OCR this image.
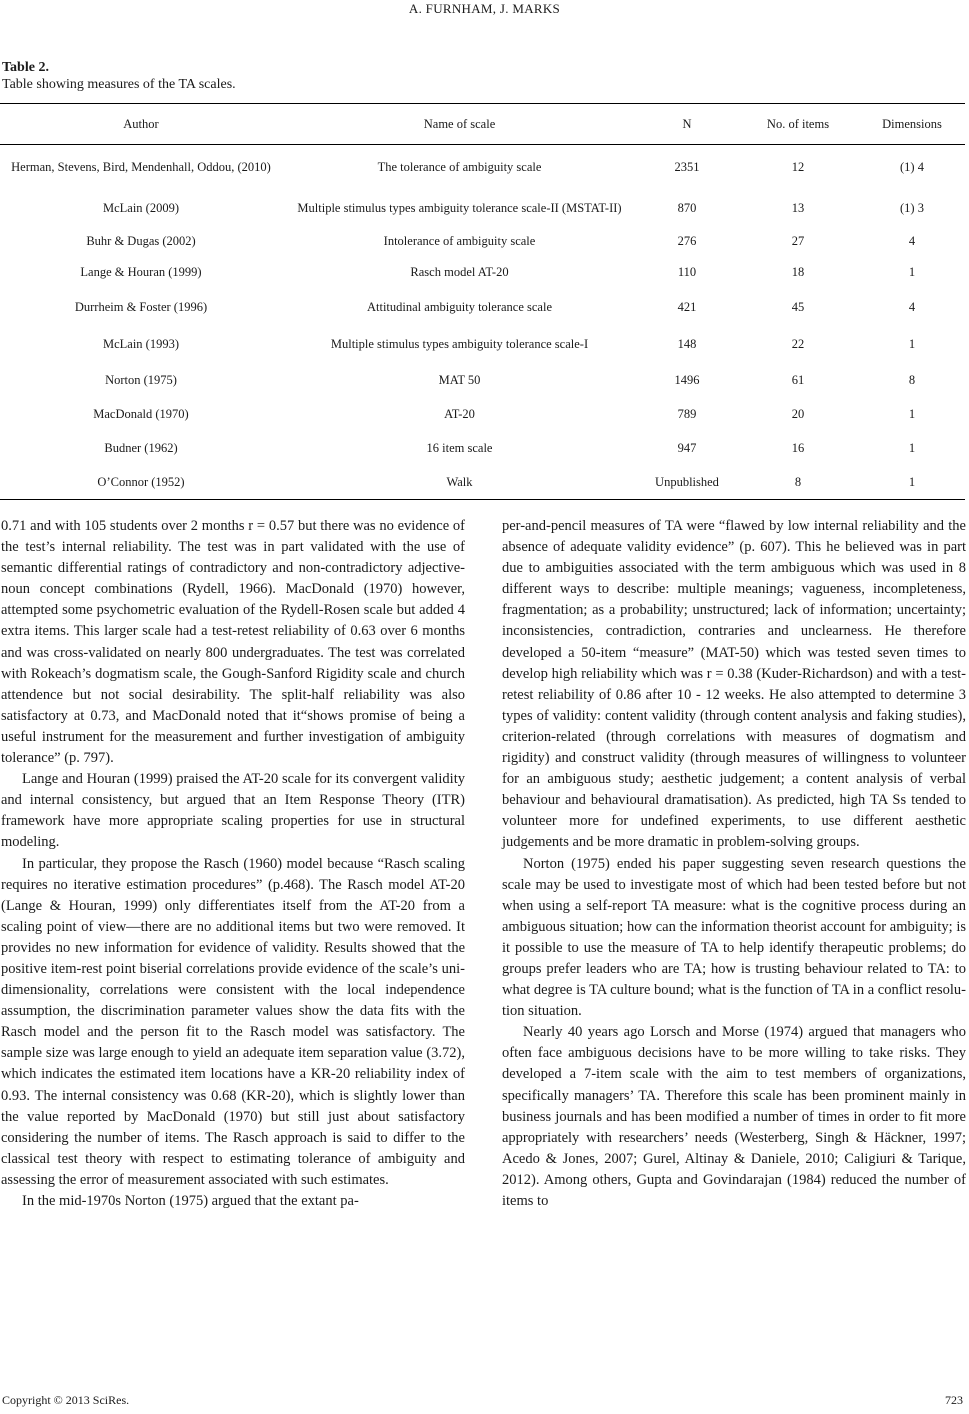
A. FURNHAM, J. MARKS
Table 2.
Table showing measures of the TA scales.
Author	Name of scale	N	No. of items	Dimensions
Herman, Stevens, Bird, Mendenhall, Oddou, (2010)	The tolerance of ambiguity scale	2351	12	(1) 4
McLain (2009)	Multiple stimulus types ambiguity tolerance scale-II (MSTAT-II)	870	13	(1) 3
Buhr & Dugas (2002)	Intolerance of ambiguity scale	276	27	4
Lange & Houran (1999)	Rasch model AT-20	110	18	1
Durrheim & Foster (1996)	Attitudinal ambiguity tolerance scale	421	45	4
McLain (1993)	Multiple stimulus types ambiguity tolerance scale-I	148	22	1
Norton (1975)	MAT 50	1496	61	8
MacDonald (1970)	AT-20	789	20	1
Budner (1962)	16 item scale	947	16	1
O’Connor (1952)	Walk	Unpublished	8	1

0.71 and with 105 students over 2 months r = 0.57 but there was no evidence of the test’s internal reliability. The test was in part validated with the use of semantic differential ratings of contradictory and non-contradictory adjective-noun concept combinations (Rydell, 1966). MacDonald (1970) however, attempted some psychometric evaluation of the Rydell-Rosen scale but added 4 extra items. This larger scale had a test-retest reliability of 0.63 over 6 months and was cross-validated on nearly 800 undergraduates. The test was correlated with Rokeach’s dogmatism scale, the Gough-Sanford Rigidity scale and church attendence but not social desirability. The split-half reliability was also satisfactory at 0.73, and MacDonald noted that it“shows promise of being a useful instrument for the measurement and further investigation of ambiguity tolerance” (p. 797).

Lange and Houran (1999) praised the AT-20 scale for its convergent validity and internal consistency, but argued that an Item Response Theory (ITR) framework have more appropriate scaling properties for use in structural modeling.

In particular, they propose the Rasch (1960) model because “Rasch scaling requires no iterative estimation procedures” (p.468). The Rasch model AT-20 (Lange & Houran, 1999) only differentiates itself from the AT-20 from a scaling point of view—there are no additional items but two were removed. It provides no new information for evidence of validity. Results showed that the positive item-rest point biserial correlations provide evidence of the scale’s uni-dimensionality, correlations were consistent with the local independence assumption, the discrimination parameter values show the data fits with the Rasch model and the person fit to the Rasch model was satisfactory. The sample size was large enough to yield an adequate item separation value (3.72), which indicates the estimated item locations have a KR-20 reliability index of 0.93. The internal consistency was 0.68 (KR-20), which is slightly lower than the value reported by MacDonald (1970) but still just about satisfactory considering the number of items. The Rasch approach is said to differ to the classical test theory with respect to estimating tolerance of ambiguity and assessing the error of measurement associated with such estimates.

In the mid-1970s Norton (1975) argued that the extant pa-

per-and-pencil measures of TA were “flawed by low internal reliability and the absence of adequate validity evidence” (p. 607). This he believed was in part due to ambiguities associated with the term ambiguous which was used in 8 different ways to describe: multiple meanings; vagueness, incompleteness, fragmentation; as a probability; unstructured; lack of information; uncertainty; inconsistencies, contradiction, contraries and unclearness. He therefore developed a 50-item “measure” (MAT-50) which was tested seven times to develop high reliability which was r = 0.38 (Kuder-Richardson) and with a test-retest reliability of 0.86 after 10 - 12 weeks. He also attempted to determine 3 types of validity: content validity (through content analysis and faking studies), criterion-related (through correlations with measures of dogmatism and rigidity) and construct validity (through measures of willingness to volunteer for an ambiguous study; aesthetic judgement; a content analysis of verbal behaviour and behavioural dramatisation). As predicted, high TA Ss tended to volunteer more for undefined experiments, to use different aesthetic judgements and be more dramatic in problem-solving groups.

Norton (1975) ended his paper suggesting seven research questions the scale may be used to investigate most of which had been tested before but not when using a self-report TA measure: what is the cognitive process during an ambiguous situation; how can the information theorist account for ambiguity; is it possible to use the measure of TA to help identify therapeutic problems; do groups prefer leaders who are TA; how is trusting behaviour related to TA: to what degree is TA culture bound; what is the function of TA in a conflict resolution situation.

Nearly 40 years ago Lorsch and Morse (1974) argued that managers who often face ambiguous decisions have to be more willing to take risks. They developed a 7-item scale with the aim to test members of organizations, specifically managers’ TA. Therefore this scale has been prominent mainly in business journals and has been modified a number of times in order to fit more appropriately with researchers’ needs (Westerberg, Singh & Häckner, 1997; Acedo & Jones, 2007; Gurel, Altinay & Daniele, 2010; Caligiuri & Tarique, 2012). Among others, Gupta and Govindarajan (1984) reduced the number of items to

Copyright © 2013 SciRes.	723
